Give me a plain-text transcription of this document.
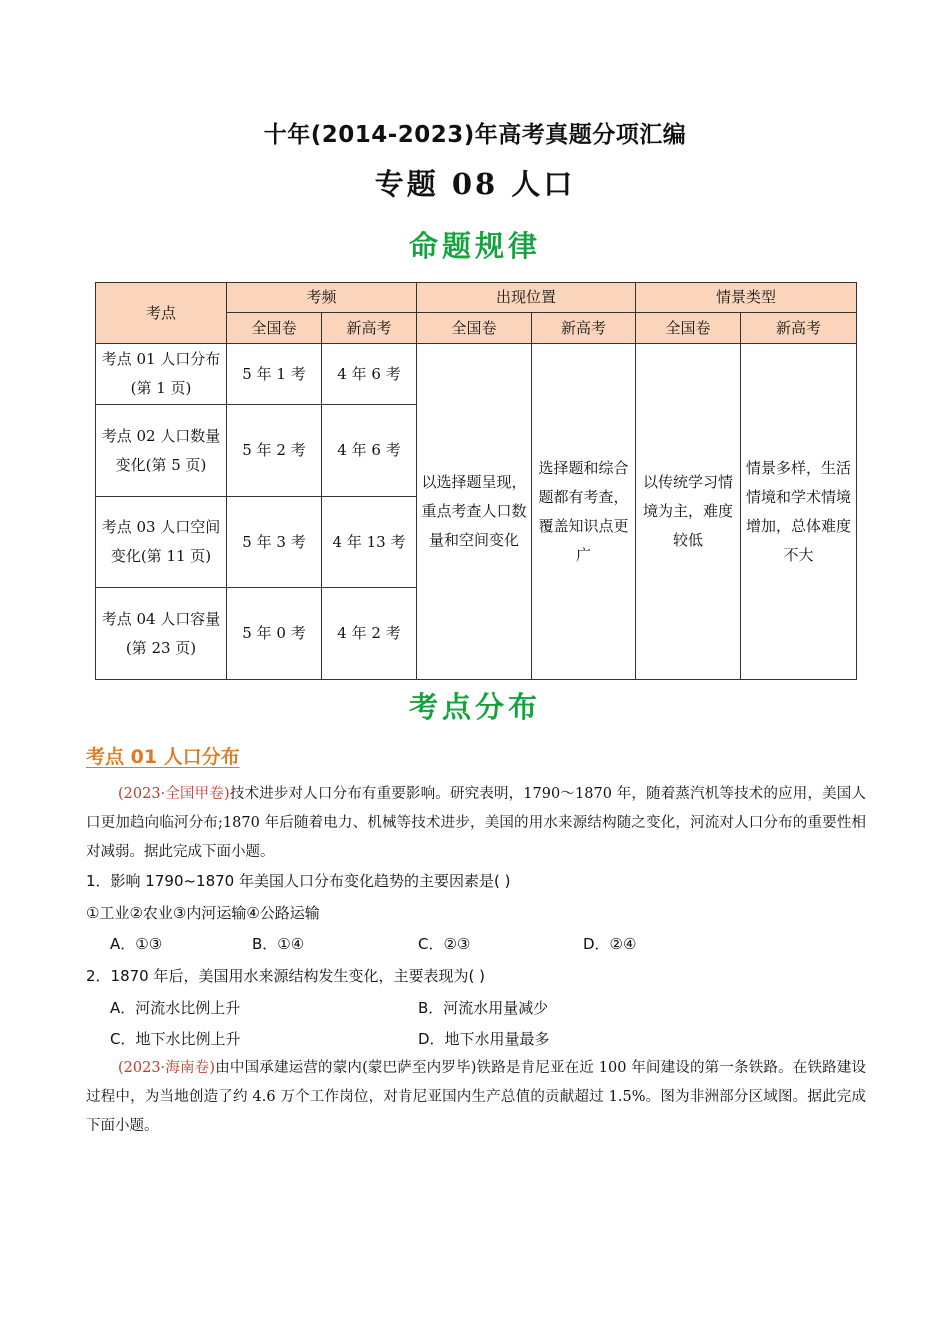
十年(2014-2023)年高考真题分项汇编
专题 08 人口
命题规律
考点	考频		出现位置		情景类型	
	全国卷	新高考	全国卷	新高考	全国卷	新高考
考点 01 人口分布(第 1 页)	5 年 1 考	4 年 6 考	以选择题呈现，重点考查人口数量和空间变化	选择题和综合题都有考查，覆盖知识点更广	以传统学习情境为主，难度较低	情景多样，生活情境和学术情境增加，总体难度不大
考点 02 人口数量变化(第 5 页)	5 年 2 考	4 年 6 考				
考点 03 人口空间变化(第 11 页)	5 年 3 考	4 年 13 考				
考点 04 人口容量(第 23 页)	5 年 0 考	4 年 2 考				
考点分布
考点 01 人口分布
(2023·全国甲卷)技术进步对人口分布有重要影响。研究表明，1790～1870 年，随着蒸汽机等技术的应用，美国人口更加趋向临河分布;1870 年后随着电力、机械等技术进步，美国的用水来源结构随之变化，河流对人口分布的重要性相对减弱。据此完成下面小题。
1．影响 1790~1870 年美国人口分布变化趋势的主要因素是( )
①工业②农业③内河运输④公路运输
A．①③	B．①④	C．②③	D．②④
2．1870 年后，美国用水来源结构发生变化，主要表现为( )
A．河流水比例上升	B．河流水用量减少
C．地下水比例上升	D．地下水用量最多
(2023·海南卷)由中国承建运营的蒙内(蒙巴萨至内罗毕)铁路是肯尼亚在近 100 年间建设的第一条铁路。在铁路建设过程中，为当地创造了约 4.6 万个工作岗位，对肯尼亚国内生产总值的贡献超过 1.5%。图为非洲部分区域图。据此完成下面小题。
